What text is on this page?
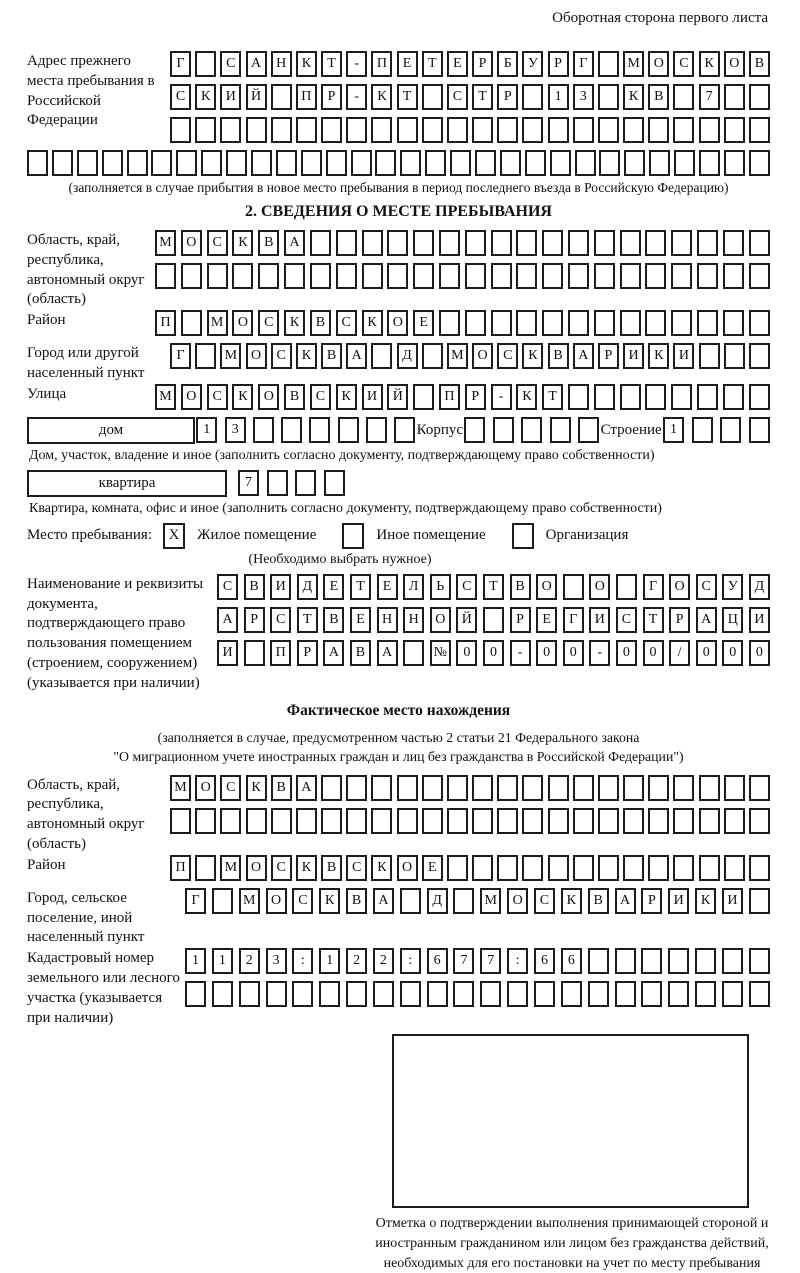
Оборотная сторона первого листа
Адрес прежнего места пребывания в Российской Федерации
Г	С	А	Н	К	Т	-	П	Е	Т	Е	Р	Б	У	Р	Г	М О	С	К	О	В
С	К	И	Й	П	Р	-	К	Т	С	Т	Р	1	3	К	В	7
(заполняется в случае прибытия в новое место пребывания в период последнего въезда в Российскую Федерацию)
2. СВЕДЕНИЯ О МЕСТЕ ПРЕБЫВАНИЯ
Область, край, республика, автономный округ (область)
М	О	С	К	В	А
Район	П	М	О	С	К	В	С	К	О	Е
Город или другой населенный пункт
Г	М О	С	К	В	А	Д	М О	С	К	В	А	Р	И	К	И
Улица	М	О	С	К	О	В	С	К	И	Й	П	Р	-	К	Т
дом	1	3	Корпус	Строение 1
Дом, участок, владение и иное (заполнить согласно документу, подтверждающему право собственности)
квартира	7
Квартира, комната, офис и иное (заполнить согласно документу, подтверждающему право собственности)
Место пребывания:	X	Жилое помещение	Иное помещение	Организация
(Необходимо выбрать нужное)
Наименование и реквизиты документа, подтверждающего право пользования помещением (строением, сооружением) (указывается при наличии)
С	В	И	Д	Е	Т	Е	Л	Ь	С	Т	В	О	О	Г	О	С	У	Д
А	Р	С	Т	В	Е	Н	Н	О	Й	Р	Е	Г	И	С	Т	Р	А	Ц	И
И	П	Р	А	В	А	№	0	0	-	0	0	-	0	0	/	0	0	0
Фактическое место нахождения
(заполняется в случае, предусмотренном частью 2 статьи 21 Федерального закона
"О миграционном учете иностранных граждан и лиц без гражданства в Российской Федерации")
Область, край, республика, автономный округ (область)
М О	С	К	В	А
Район	П	М О	С	К	В	С	К	О	Е
Город, сельское поселение, иной населенный пункт
Г	М	О	С	К	В	А	Д	М	О	С	К	В	А	Р	И	К	И
Кадастровый номер земельного или лесного участка (указывается при наличии)
1	1	2	3	:	1	2	2	:	6	7	7	:	6	6
Отметка о подтверждении выполнения принимающей стороной и иностранным гражданином или лицом без гражданства действий, необходимых для его постановки на учет по месту пребывания
